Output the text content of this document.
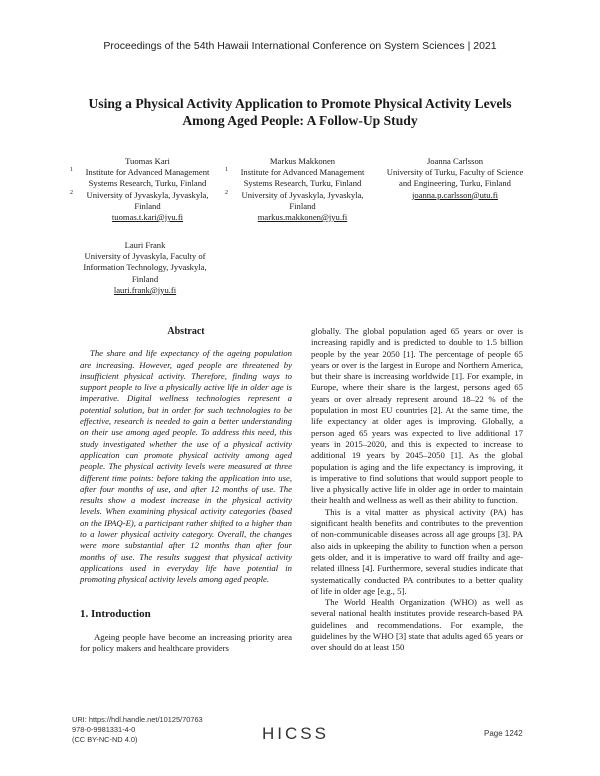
Proceedings of the 54th Hawaii International Conference on System Sciences | 2021
Using a Physical Activity Application to Promote Physical Activity Levels Among Aged People: A Follow-Up Study
Tuomas Kari
1 Institute for Advanced Management Systems Research, Turku, Finland
2 University of Jyvaskyla, Jyvaskyla, Finland
tuomas.t.kari@jyu.fi
Markus Makkonen
1 Institute for Advanced Management Systems Research, Turku, Finland
2 University of Jyvaskyla, Jyvaskyla, Finland
markus.makkonen@jyu.fi
Joanna Carlsson
University of Turku, Faculty of Science and Engineering, Turku, Finland
joanna.p.carlsson@utu.fi
Lauri Frank
University of Jyvaskyla, Faculty of Information Technology, Jyvaskyla, Finland
lauri.frank@jyu.fi
Abstract

The share and life expectancy of the ageing population are increasing. However, aged people are threatened by insufficient physical activity. Therefore, finding ways to support people to live a physically active life in older age is imperative. Digital wellness technologies represent a potential solution, but in order for such technologies to be effective, research is needed to gain a better understanding on their use among aged people. To address this need, this study investigated whether the use of a physical activity application can promote physical activity among aged people. The physical activity levels were measured at three different time points: before taking the application into use, after four months of use, and after 12 months of use. The results show a modest increase in the physical activity levels. When examining physical activity categories (based on the IPAQ-E), a participant rather shifted to a higher than to a lower physical activity category. Overall, the changes were more substantial after 12 months than after four months of use. The results suggest that physical activity applications used in everyday life have potential in promoting physical activity levels among aged people.

1. Introduction

Ageing people have become an increasing priority area for policy makers and healthcare providers

globally. The global population aged 65 years or over is increasing rapidly and is predicted to double to 1.5 billion people by the year 2050 [1]. The percentage of people 65 years or over is the largest in Europe and Northern America, but their share is increasing worldwide [1]. For example, in Europe, where their share is the largest, persons aged 65 years or over already represent around 18–22 % of the population in most EU countries [2]. At the same time, the life expectancy at older ages is improving. Globally, a person aged 65 years was expected to live additional 17 years in 2015–2020, and this is expected to increase to additional 19 years by 2045–2050 [1]. As the global population is aging and the life expectancy is improving, it is imperative to find solutions that would support people to live a physically active life in older age in order to maintain their health and wellness as well as their ability to function.

This is a vital matter as physical activity (PA) has significant health benefits and contributes to the prevention of non-communicable diseases across all age groups [3]. PA also aids in upkeeping the ability to function when a person gets older, and it is imperative to ward off frailty and age-related illness [4]. Furthermore, several studies indicate that systematically conducted PA contributes to a better quality of life in older age [e.g., 5].

The World Health Organization (WHO) as well as several national health institutes provide research-based PA guidelines and recommendations. For example, the guidelines by the WHO [3] state that adults aged 65 years or over should do at least 150

URI: https://hdl.handle.net/10125/70763
978-0-9981331-4-0
(CC BY-NC-ND 4.0)	HICSS	Page 1242
